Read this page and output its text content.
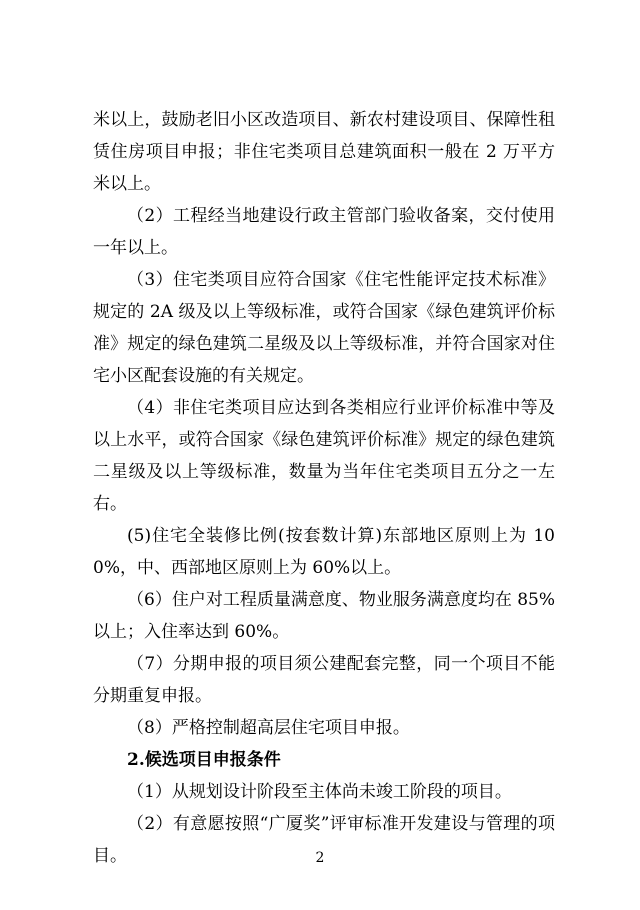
米以上，鼓励老旧小区改造项目、新农村建设项目、保障性租赁住房项目申报；非住宅类项目总建筑面积一般在 2 万平方米以上。

（2）工程经当地建设行政主管部门验收备案，交付使用一年以上。

（3）住宅类项目应符合国家《住宅性能评定技术标准》规定的 2A 级及以上等级标准，或符合国家《绿色建筑评价标准》规定的绿色建筑二星级及以上等级标准，并符合国家对住宅小区配套设施的有关规定。

（4）非住宅类项目应达到各类相应行业评价标准中等及以上水平，或符合国家《绿色建筑评价标准》规定的绿色建筑二星级及以上等级标准，数量为当年住宅类项目五分之一左右。

(5)住宅全装修比例(按套数计算)东部地区原则上为 100%，中、西部地区原则上为 60%以上。

（6）住户对工程质量满意度、物业服务满意度均在 85%以上；入住率达到 60%。

（7）分期申报的项目须公建配套完整，同一个项目不能分期重复申报。

（8）严格控制超高层住宅项目申报。

2.候选项目申报条件

（1）从规划设计阶段至主体尚未竣工阶段的项目。

（2）有意愿按照“广厦奖”评审标准开发建设与管理的项目。	2
